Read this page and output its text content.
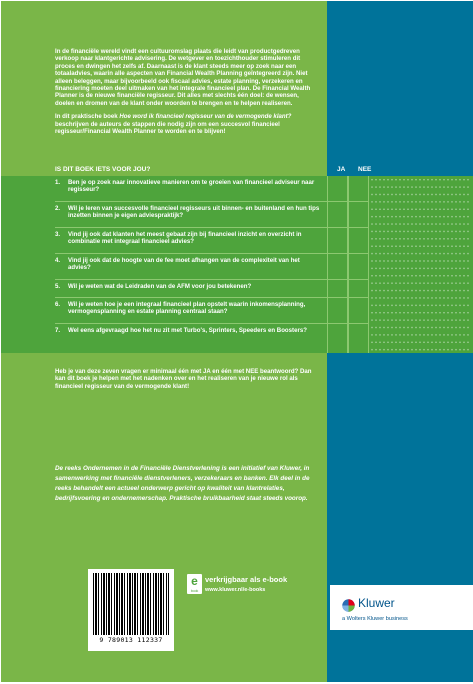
In de financiële wereld vindt een cultuuromslag plaats die leidt van productgedreven verkoop naar klantgerichte advisering. De wetgever en toezichthouder stimuleren dit proces en dwingen het zelfs af. Daarnaast is de klant steeds meer op zoek naar een totaaladvies, waarin alle aspecten van Financial Wealth Planning geïntegreerd zijn. Niet alleen beleggen, maar bijvoorbeeld ook fiscaal advies, estate planning, verzekeren en financiering moeten deel uitmaken van het integrale financieel plan. De Financial Wealth Planner is de nieuwe financiële regisseur. Dit alles met slechts één doel: de wensen, doelen en dromen van de klant onder woorden te brengen en te helpen realiseren.

In dit praktische boek Hoe word ik financieel regisseur van de vermogende klant? beschrijven de auteurs de stappen die nodig zijn om een succesvol financieel regisseur/Financial Wealth Planner te worden en te blijven!

IS DIT BOEK IETS VOOR JOU?	JA NEE
1. Ben je op zoek naar innovatieve manieren om te groeien van financieel adviseur naar regisseur?
2. Wil je leren van succesvolle financieel regisseurs uit binnen- en buitenland en hun tips inzetten binnen je eigen adviespraktijk?
3. Vind jij ook dat klanten het meest gebaat zijn bij financieel inzicht en overzicht in combinatie met integraal financieel advies?
4. Vind jij ook dat de hoogte van de fee moet afhangen van de complexiteit van het advies?
5. Wil je weten wat de Leidraden van de AFM voor jou betekenen?
6. Wil je weten hoe je een integraal financieel plan opstelt waarin inkomensplanning, vermogensplanning en estate planning centraal staan?
7. Wel eens afgevraagd hoe het nu zit met Turbo's, Sprinters, Speeders en Boosters?

Heb je van deze zeven vragen er minimaal één met JA en één met NEE beantwoord? Dan kan dit boek je helpen met het nadenken over en het realiseren van je nieuwe rol als financieel regisseur van de vermogende klant!

De reeks Ondernemen in de Financiële Dienstverlening is een initiatief van Kluwer, in samenwerking met financiële dienstverleners, verzekeraars en banken. Elk deel in de reeks behandelt een actueel onderwerp gericht op kwaliteit van klantrelaties, bedrijfsvoering en ondernemerschap. Praktische bruikbaarheid staat steeds voorop.

9 789013 112337
e
book
verkrijgbaar als e-book
www.kluwer.nl/e-books
Kluwer
a Wolters Kluwer business
